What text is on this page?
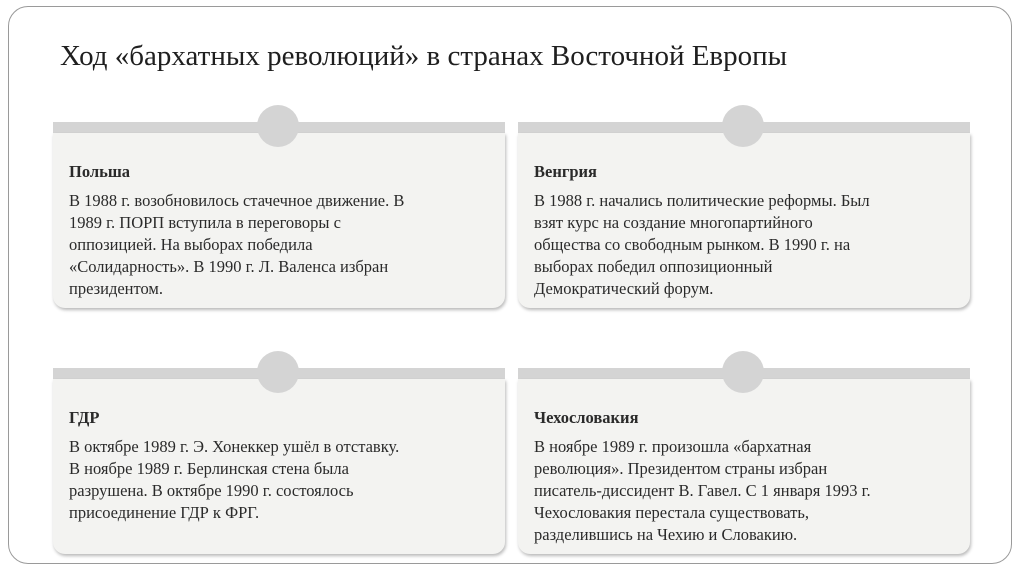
Ход «бархатных революций» в странах Восточной Европы
Польша
В 1988 г. возобновилось стачечное движение. В
1989 г. ПОРП вступила в переговоры с
оппозицией. На выборах победила
«Солидарность». В 1990 г. Л. Валенса избран
президентом.
Венгрия
В 1988 г. начались политические реформы. Был
взят курс на создание многопартийного
общества со свободным рынком. В 1990 г. на
выборах победил оппозиционный
Демократический форум.
ГДР
В октябре 1989 г. Э. Хонеккер ушёл в отставку.
В ноябре 1989 г. Берлинская стена была
разрушена. В октябре 1990 г. состоялось
присоединение ГДР к ФРГ.
Чехословакия
В ноябре 1989 г. произошла «бархатная
революция». Президентом страны избран
писатель-диссидент В. Гавел. С 1 января 1993 г.
Чехословакия перестала существовать,
разделившись на Чехию и Словакию.
